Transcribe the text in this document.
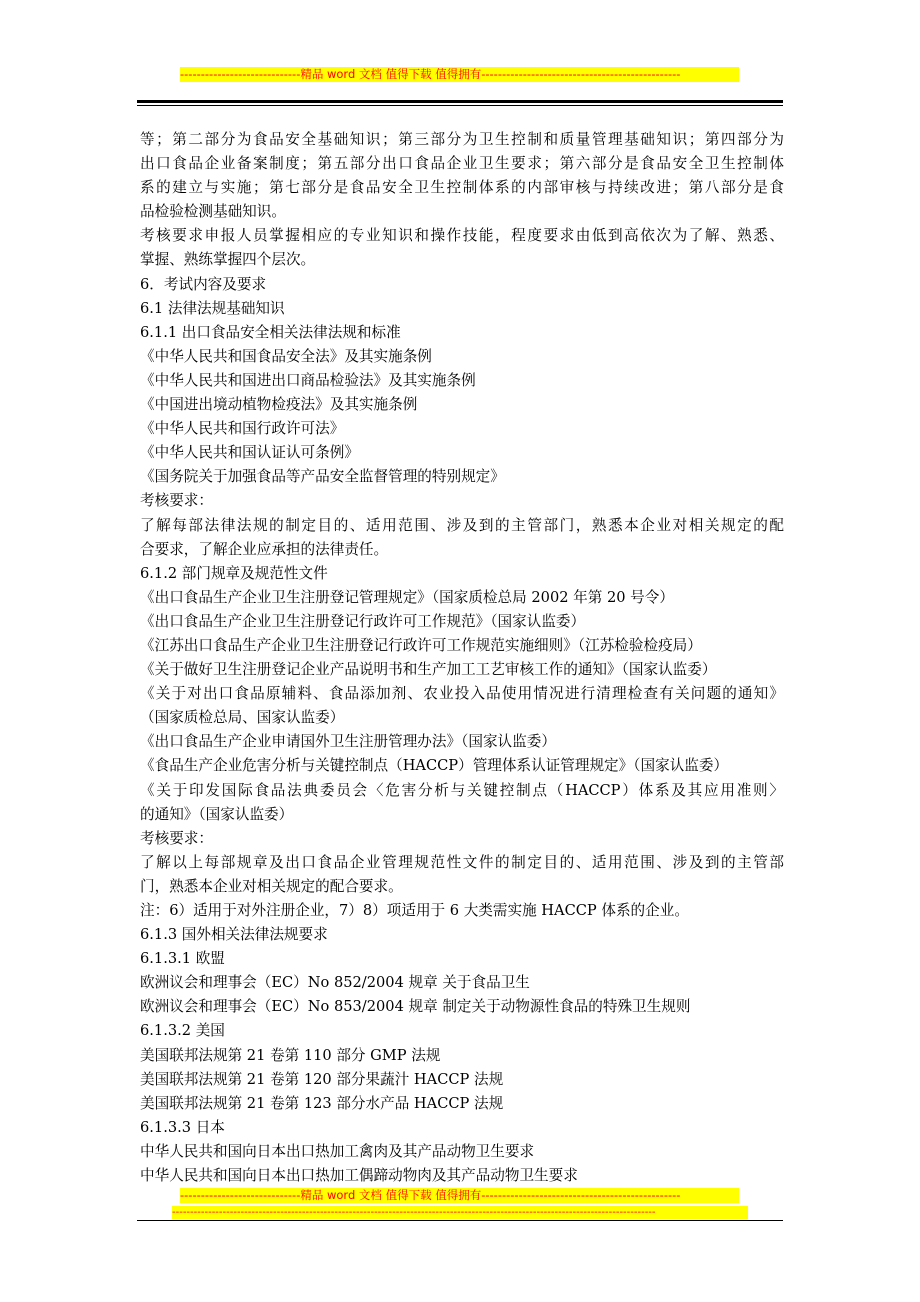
-----------------------------精品 word 文档 值得下载 值得拥有------------------------------------------------
等；第二部分为食品安全基础知识；第三部分为卫生控制和质量管理基础知识；第四部分为
出口食品企业备案制度；第五部分出口食品企业卫生要求；第六部分是食品安全卫生控制体
系的建立与实施；第七部分是食品安全卫生控制体系的内部审核与持续改进；第八部分是食
品检验检测基础知识。
考核要求申报人员掌握相应的专业知识和操作技能，程度要求由低到高依次为了解、熟悉、
掌握、熟练掌握四个层次。
6．考试内容及要求
6.1 法律法规基础知识
6.1.1 出口食品安全相关法律法规和标准
《中华人民共和国食品安全法》及其实施条例
《中华人民共和国进出口商品检验法》及其实施条例
《中国进出境动植物检疫法》及其实施条例
《中华人民共和国行政许可法》
《中华人民共和国认证认可条例》
《国务院关于加强食品等产品安全监督管理的特别规定》
考核要求：
了解每部法律法规的制定目的、适用范围、涉及到的主管部门，熟悉本企业对相关规定的配
合要求，了解企业应承担的法律责任。
6.1.2 部门规章及规范性文件
《出口食品生产企业卫生注册登记管理规定》（国家质检总局 2002 年第 20 号令）
《出口食品生产企业卫生注册登记行政许可工作规范》（国家认监委）
《江苏出口食品生产企业卫生注册登记行政许可工作规范实施细则》（江苏检验检疫局）
《关于做好卫生注册登记企业产品说明书和生产加工工艺审核工作的通知》（国家认监委）
《关于对出口食品原辅料、食品添加剂、农业投入品使用情况进行清理检查有关问题的通知》
（国家质检总局、国家认监委）
《出口食品生产企业申请国外卫生注册管理办法》（国家认监委）
《食品生产企业危害分析与关键控制点（HACCP）管理体系认证管理规定》（国家认监委）
《关于印发国际食品法典委员会〈危害分析与关键控制点（HACCP）体系及其应用准则〉
的通知》（国家认监委）
考核要求：
了解以上每部规章及出口食品企业管理规范性文件的制定目的、适用范围、涉及到的主管部
门，熟悉本企业对相关规定的配合要求。
注：6）适用于对外注册企业，7）8）项适用于 6 大类需实施 HACCP 体系的企业。
6.1.3 国外相关法律法规要求
6.1.3.1 欧盟
欧洲议会和理事会（EC）No 852/2004 规章 关于食品卫生
欧洲议会和理事会（EC）No 853/2004 规章 制定关于动物源性食品的特殊卫生规则
6.1.3.2 美国
美国联邦法规第 21 卷第 110 部分 GMP 法规
美国联邦法规第 21 卷第 120 部分果蔬汁 HACCP 法规
美国联邦法规第 21 卷第 123 部分水产品 HACCP 法规
6.1.3.3 日本
中华人民共和国向日本出口热加工禽肉及其产品动物卫生要求
中华人民共和国向日本出口热加工偶蹄动物肉及其产品动物卫生要求
-----------------------------精品 word 文档 值得下载 值得拥有------------------------------------------------
--------------------------------------------------------------------------------------------------------------------------------------
